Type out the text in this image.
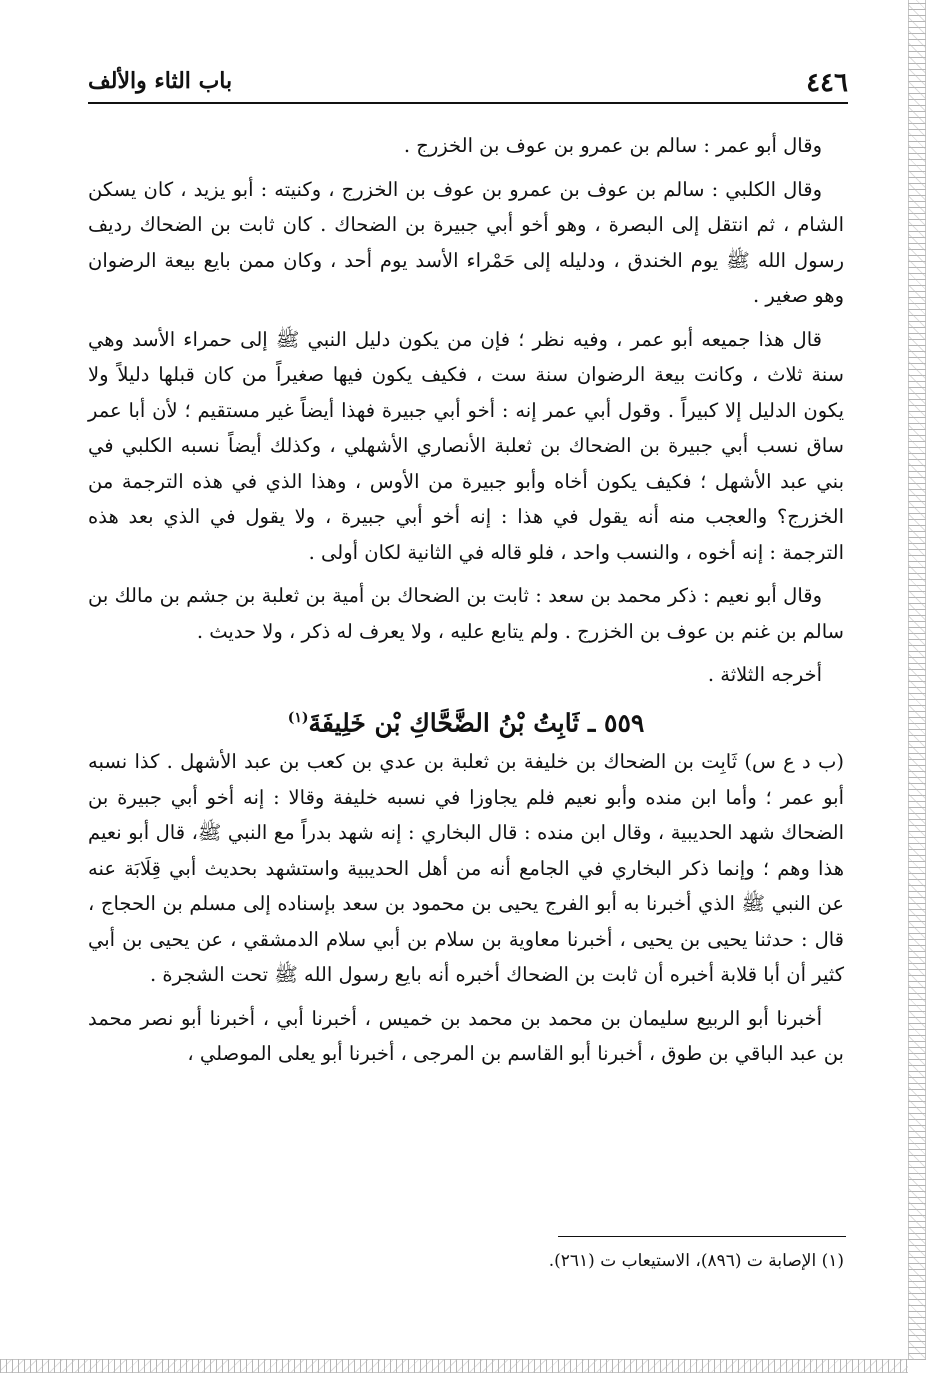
٤٤٦
باب الثاء والألف

وقال أبو عمر : سالم بن عمرو بن عوف بن الخزرج .

وقال الكلبي : سالم بن عوف بن عمرو بن عوف بن الخزرج ، وكنيته : أبو يزيد ، كان يسكن الشام ، ثم انتقل إلى البصرة ، وهو أخو أبي جبيرة بن الضحاك . كان ثابت بن الضحاك رديف رسول الله ﷺ يوم الخندق ، ودليله إلى حَمْراء الأسد يوم أحد ، وكان ممن بايع بيعة الرضوان وهو صغير .

قال هذا جميعه أبو عمر ، وفيه نظر ؛ فإن من يكون دليل النبي ﷺ إلى حمراء الأسد وهي سنة ثلاث ، وكانت بيعة الرضوان سنة ست ، فكيف يكون فيها صغيراً من كان قبلها دليلاً ولا يكون الدليل إلا كبيراً . وقول أبي عمر إنه : أخو أبي جبيرة فهذا أيضاً غير مستقيم ؛ لأن أبا عمر ساق نسب أبي جبيرة بن الضحاك بن ثعلبة الأنصاري الأشهلي ، وكذلك أيضاً نسبه الكلبي في بني عبد الأشهل ؛ فكيف يكون أخاه وأبو جبيرة من الأوس ، وهذا الذي في هذه الترجمة من الخزرج؟ والعجب منه أنه يقول في هذا : إنه أخو أبي جبيرة ، ولا يقول في الذي بعد هذه الترجمة : إنه أخوه ، والنسب واحد ، فلو قاله في الثانية لكان أولى .

وقال أبو نعيم : ذكر محمد بن سعد : ثابت بن الضحاك بن أمية بن ثعلبة بن جشم بن مالك بن سالم بن غنم بن عوف بن الخزرج . ولم يتابع عليه ، ولا يعرف له ذكر ، ولا حديث .

أخرجه الثلاثة .

٥٥٩ ـ ثَابِتُ بْنُ الضَّحَّاكِ بْن خَلِيفَةَ$^{(١)}$

(ب د ع س) ثَابِت بن الضحاك بن خليفة بن ثعلبة بن عدي بن كعب بن عبد الأشهل . كذا نسبه أبو عمر ؛ وأما ابن منده وأبو نعيم فلم يجاوزا في نسبه خليفة وقالا : إنه أخو أبي جبيرة بن الضحاك شهد الحديبية ، وقال ابن منده : قال البخاري : إنه شهد بدراً مع النبي ﷺ، قال أبو نعيم هذا وهم ؛ وإنما ذكر البخاري في الجامع أنه من أهل الحديبية واستشهد بحديث أبي قِلَابَة عنه عن النبي ﷺ الذي أخبرنا به أبو الفرج يحيى بن محمود بن سعد بإسناده إلى مسلم بن الحجاج ، قال : حدثنا يحيى بن يحيى ، أخبرنا معاوية بن سلام بن أبي سلام الدمشقي ، عن يحيى بن أبي كثير أن أبا قلابة أخبره أن ثابت بن الضحاك أخبره أنه بايع رسول الله ﷺ تحت الشجرة .

أخبرنا أبو الربيع سليمان بن محمد بن محمد بن خميس ، أخبرنا أبي ، أخبرنا أبو نصر محمد بن عبد الباقي بن طوق ، أخبرنا أبو القاسم بن المرجى ، أخبرنا أبو يعلى الموصلي ،

(١) الإصابة ت (٨٩٦)، الاستيعاب ت (٢٦١).
